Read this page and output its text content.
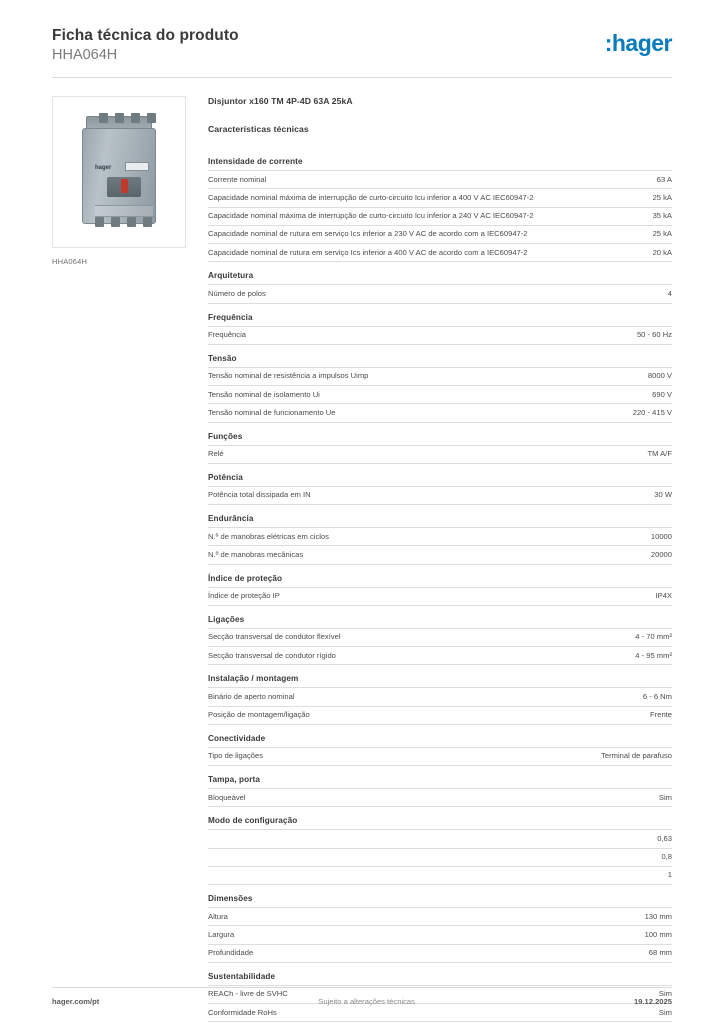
Ficha técnica do produto
HHA064H	:hager
hager
HHA064H
Disjuntor x160 TM 4P-4D 63A 25kA
Características técnicas
Intensidade de corrente
Corrente nominal	63 A
Capacidade nominal máxima de interrupção de curto-circuito Icu inferior a 400 V AC IEC60947-2	25 kA
Capacidade nominal máxima de interrupção de curto-circuito Icu inferior a 240 V AC IEC60947-2	35 kA
Capacidade nominal de rutura em serviço Ics inferior a 230 V AC de acordo com a IEC60947-2	25 kA
Capacidade nominal de rutura em serviço Ics inferior a 400 V AC de acordo com a IEC60947-2	20 kA
Arquitetura
Número de polos	4
Frequência
Frequência	50 - 60 Hz
Tensão
Tensão nominal de resistência a impulsos Uimp	8000 V
Tensão nominal de isolamento Ui	690 V
Tensão nominal de funcionamento Ue	220 - 415 V
Funções
Relé	TM A/F
Potência
Potência total dissipada em IN	30 W
Endurância
N.º de manobras elétricas em ciclos	10000
N.º de manobras mecânicas	20000
Índice de proteção
Índice de proteção IP	IP4X
Ligações
Secção transversal de condutor flexível	4 - 70 mm²
Secção transversal de condutor rígido	4 - 95 mm²
Instalação / montagem
Binário de aperto nominal	6 - 6 Nm
Posição de montagem/ligação	Frente
Conectividade
Tipo de ligações	Terminal de parafuso
Tampa, porta
Bloqueável	Sim
Modo de configuração
	0,63
	0,8
	1
Dimensões
Altura	130 mm
Largura	100 mm
Profundidade	68 mm
Sustentabilidade
REACh - livre de SVHC	Sim
Conformidade RoHs	Sim
hager.com/pt	Sujeito a alterações técnicas	19.12.2025
